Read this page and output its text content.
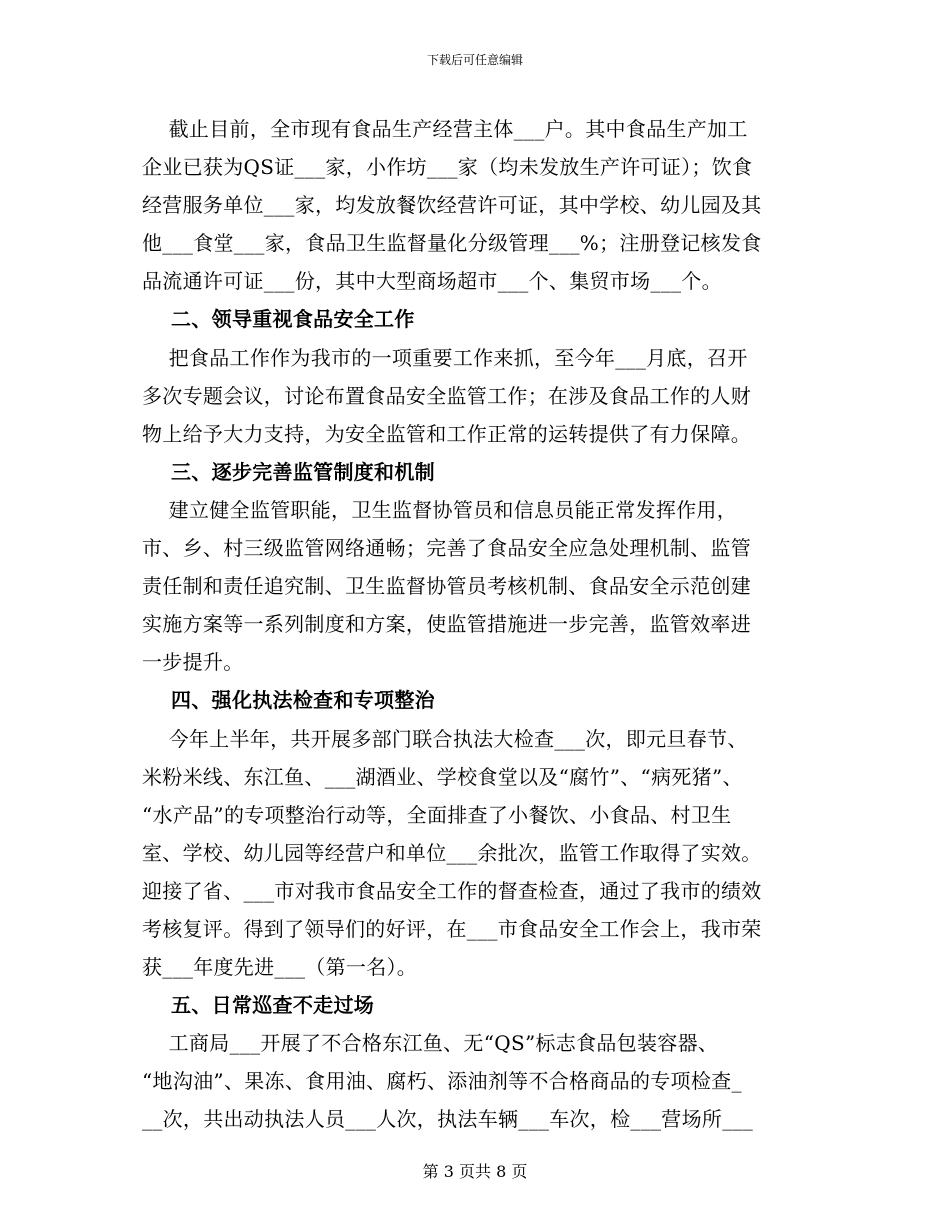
下载后可任意编辑
截止目前，全市现有食品生产经营主体___户。其中食品生产加工
企业已获为QS证___家，小作坊___家（均未发放生产许可证）；饮食
经营服务单位___家，均发放餐饮经营许可证，其中学校、幼儿园及其
他___食堂___家，食品卫生监督量化分级管理___%；注册登记核发食
品流通许可证___份，其中大型商场超市___个、集贸市场___个。
二、领导重视食品安全工作
把食品工作作为我市的一项重要工作来抓，至今年___月底，召开
多次专题会议，讨论布置食品安全监管工作；在涉及食品工作的人财
物上给予大力支持，为安全监管和工作正常的运转提供了有力保障。
三、逐步完善监管制度和机制
建立健全监管职能，卫生监督协管员和信息员能正常发挥作用，
市、乡、村三级监管网络通畅；完善了食品安全应急处理机制、监管
责任制和责任追究制、卫生监督协管员考核机制、食品安全示范创建
实施方案等一系列制度和方案，使监管措施进一步完善，监管效率进
一步提升。
四、强化执法检查和专项整治
今年上半年，共开展多部门联合执法大检查___次，即元旦春节、
米粉米线、东江鱼、___湖酒业、学校食堂以及“腐竹”、“病死猪”、
“水产品”的专项整治行动等，全面排查了小餐饮、小食品、村卫生
室、学校、幼儿园等经营户和单位___余批次，监管工作取得了实效。
迎接了省、___市对我市食品安全工作的督查检查，通过了我市的绩效
考核复评。得到了领导们的好评，在___市食品安全工作会上，我市荣
获___年度先进___（第一名）。
五、日常巡查不走过场
工商局___开展了不合格东江鱼、无“QS”标志食品包装容器、
“地沟油”、果冻、食用油、腐朽、添油剂等不合格商品的专项检查_
__次，共出动执法人员___人次，执法车辆___车次，检___营场所___
第 3 页共 8 页
